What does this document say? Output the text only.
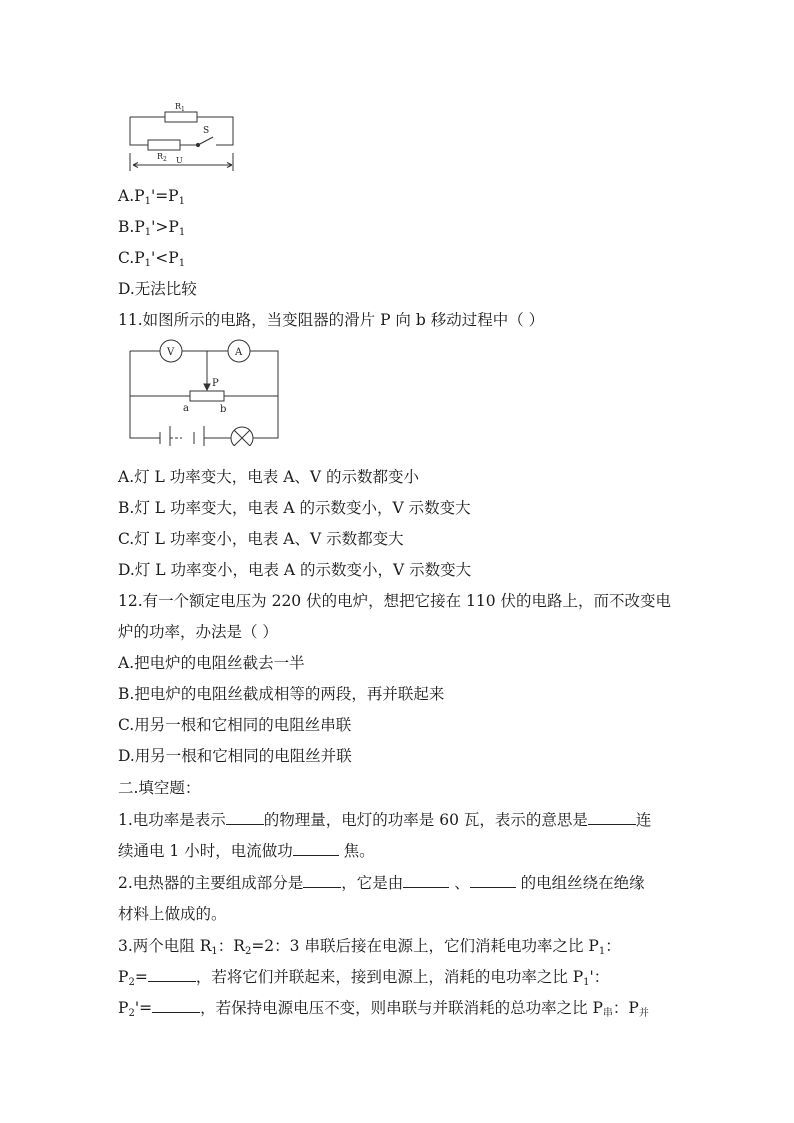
$R_1$
$R_2$
S
U
$A.P_1'=P_1$
$B.P_1'>P_1$
$C.P_1'<P_1$
D.无法比较
11.如图所示的电路，当变阻器的滑片 P 向 b 移动过程中（ ）
V	A
P
a	b
A.灯 L 功率变大，电表 A、V 的示数都变小
B.灯 L 功率变大，电表 A 的示数变小，V 示数变大
C.灯 L 功率变小，电表 A、V 示数都变大
D.灯 L 功率变小，电表 A 的示数变小，V 示数变大
12.有一个额定电压为 220 伏的电炉，想把它接在 110 伏的电路上，而不改变电
炉的功率，办法是（ ）
A.把电炉的电阻丝截去一半
B.把电炉的电阻丝截成相等的两段，再并联起来
C.用另一根和它相同的电阻丝串联
D.用另一根和它相同的电阻丝并联
二.填空题：
1.电功率是表示 的物理量，电灯的功率是 60 瓦，表示的意思是	连
续通电 1 小时，电流做功	焦。
2.电热器的主要组成部分是 ，它是由	、	的电组丝绕在绝缘
材料上做成的。
3.两个电阻 $R_1$：$R_2=2$：3 串联后接在电源上，它们消耗电功率之比 $P_1$：
$P_2=$	，若将它们并联起来，接到电源上，消耗的电功率之比 $P_1'$：
$P_2'=$	，若保持电源电压不变，则串联与并联消耗的总功率之比 $P_串$：$P_并$
